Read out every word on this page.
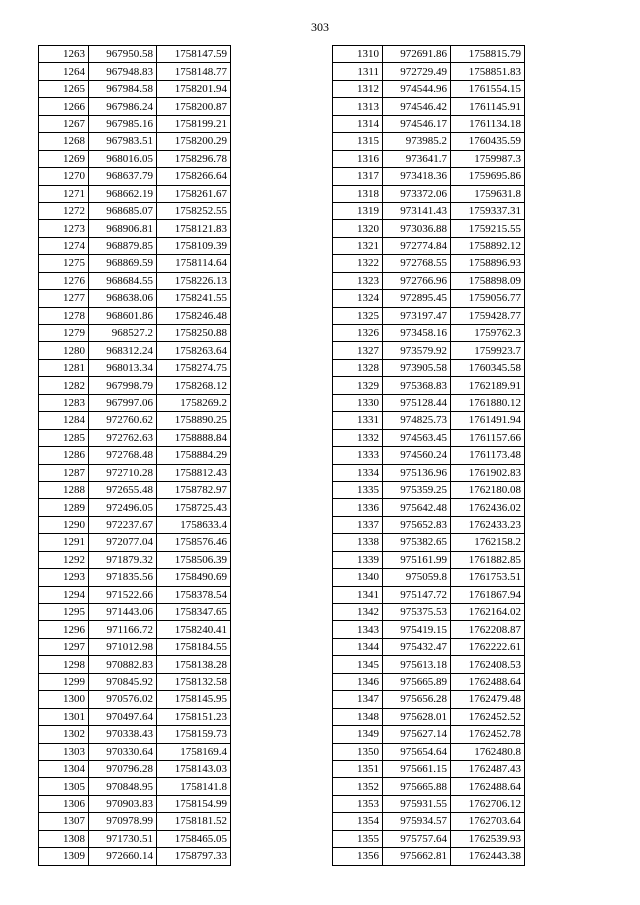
303
1263	967950.58	1758147.59
1264	967948.83	1758148.77
1265	967984.58	1758201.94
1266	967986.24	1758200.87
1267	967985.16	1758199.21
1268	967983.51	1758200.29
1269	968016.05	1758296.78
1270	968637.79	1758266.64
1271	968662.19	1758261.67
1272	968685.07	1758252.55
1273	968906.81	1758121.83
1274	968879.85	1758109.39
1275	968869.59	1758114.64
1276	968684.55	1758226.13
1277	968638.06	1758241.55
1278	968601.86	1758246.48
1279	968527.2	1758250.88
1280	968312.24	1758263.64
1281	968013.34	1758274.75
1282	967998.79	1758268.12
1283	967997.06	1758269.2
1284	972760.62	1758890.25
1285	972762.63	1758888.84
1286	972768.48	1758884.29
1287	972710.28	1758812.43
1288	972655.48	1758782.97
1289	972496.05	1758725.43
1290	972237.67	1758633.4
1291	972077.04	1758576.46
1292	971879.32	1758506.39
1293	971835.56	1758490.69
1294	971522.66	1758378.54
1295	971443.06	1758347.65
1296	971166.72	1758240.41
1297	971012.98	1758184.55
1298	970882.83	1758138.28
1299	970845.92	1758132.58
1300	970576.02	1758145.95
1301	970497.64	1758151.23
1302	970338.43	1758159.73
1303	970330.64	1758169.4
1304	970796.28	1758143.03
1305	970848.95	1758141.8
1306	970903.83	1758154.99
1307	970978.99	1758181.52
1308	971730.51	1758465.05
1309	972660.14	1758797.33
1310	972691.86	1758815.79
1311	972729.49	1758851.83
1312	974544.96	1761554.15
1313	974546.42	1761145.91
1314	974546.17	1761134.18
1315	973985.2	1760435.59
1316	973641.7	1759987.3
1317	973418.36	1759695.86
1318	973372.06	1759631.8
1319	973141.43	1759337.31
1320	973036.88	1759215.55
1321	972774.84	1758892.12
1322	972768.55	1758896.93
1323	972766.96	1758898.09
1324	972895.45	1759056.77
1325	973197.47	1759428.77
1326	973458.16	1759762.3
1327	973579.92	1759923.7
1328	973905.58	1760345.58
1329	975368.83	1762189.91
1330	975128.44	1761880.12
1331	974825.73	1761491.94
1332	974563.45	1761157.66
1333	974560.24	1761173.48
1334	975136.96	1761902.83
1335	975359.25	1762180.08
1336	975642.48	1762436.02
1337	975652.83	1762433.23
1338	975382.65	1762158.2
1339	975161.99	1761882.85
1340	975059.8	1761753.51
1341	975147.72	1761867.94
1342	975375.53	1762164.02
1343	975419.15	1762208.87
1344	975432.47	1762222.61
1345	975613.18	1762408.53
1346	975665.89	1762488.64
1347	975656.28	1762479.48
1348	975628.01	1762452.52
1349	975627.14	1762452.78
1350	975654.64	1762480.8
1351	975661.15	1762487.43
1352	975665.88	1762488.64
1353	975931.55	1762706.12
1354	975934.57	1762703.64
1355	975757.64	1762539.93
1356	975662.81	1762443.38
